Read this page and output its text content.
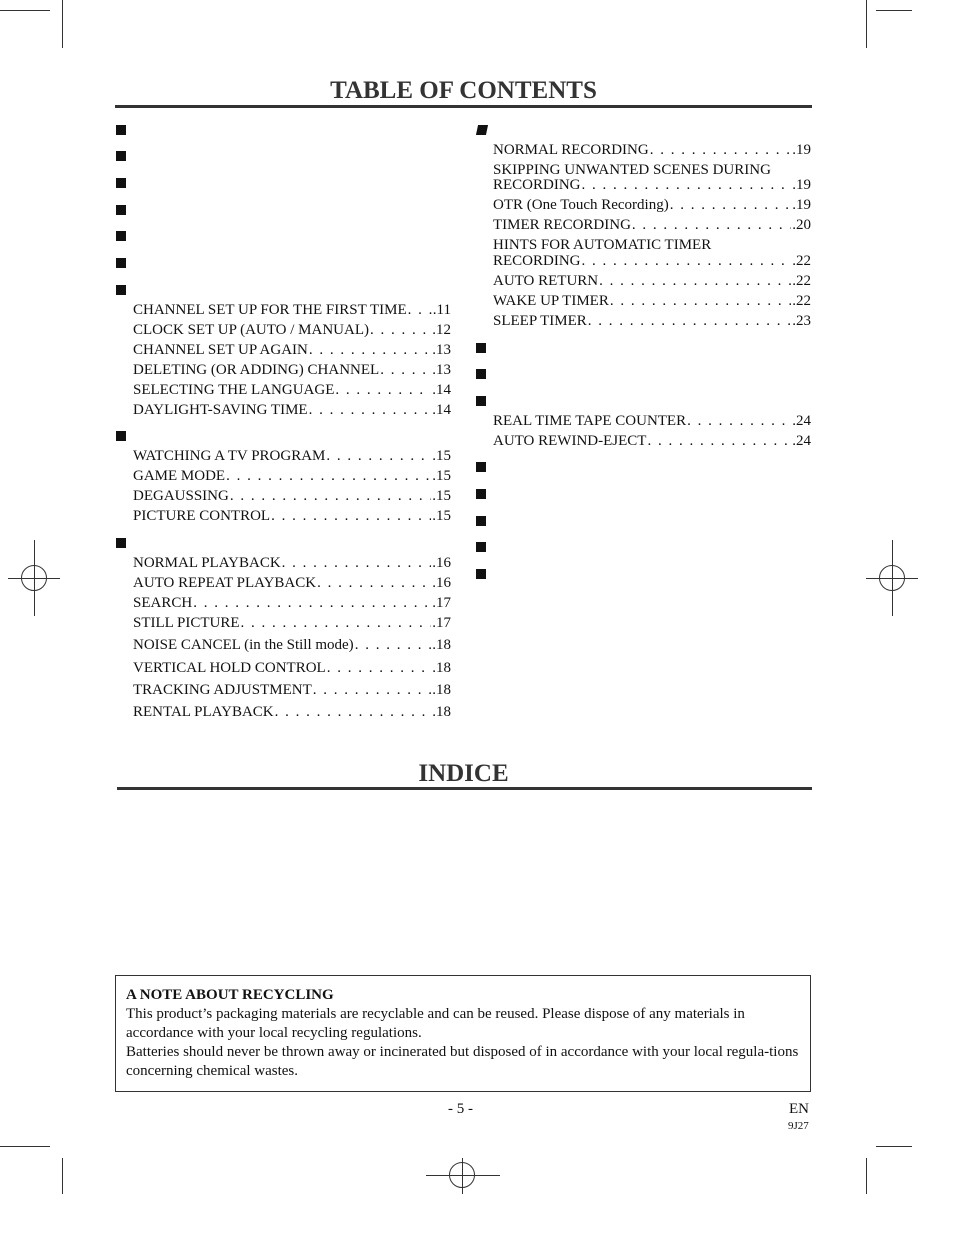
TABLE OF CONTENTS
CHANNEL SET UP FOR THE FIRST TIME . . . .11
CLOCK SET UP (AUTO / MANUAL) . . .	.12
CHANNEL SET UP AGAIN . . .	.13
DELETING (OR ADDING) CHANNEL . . .	.13
SELECTING THE LANGUAGE . . .	.14
DAYLIGHT-SAVING TIME . . .	.14
WATCHING A TV PROGRAM . . .	.15
GAME MODE . . .	.15
DEGAUSSING . . .	.15
PICTURE CONTROL . . .	.15
NORMAL PLAYBACK . . .	.16
AUTO REPEAT PLAYBACK . . .	.16
SEARCH . . .	.17
STILL PICTURE . . .	.17
NOISE CANCEL (in the Still mode) . . .	.18
VERTICAL HOLD CONTROL . . .	.18
TRACKING ADJUSTMENT . . .	.18
RENTAL PLAYBACK . . .	.18
NORMAL RECORDING . . .	.19
SKIPPING UNWANTED SCENES DURING
RECORDING . . .	.19
OTR (One Touch Recording) . . .	.19
TIMER RECORDING . . .	.20
HINTS FOR AUTOMATIC TIMER
RECORDING . . .	.22
AUTO RETURN . . .	.22
WAKE UP TIMER . . .	.22
SLEEP TIMER . . .	.23
REAL TIME TAPE COUNTER . . .	.24
AUTO REWIND-EJECT . . .	.24
INDICE

A NOTE ABOUT RECYCLING

This product’s packaging materials are recyclable and can be reused. Please dispose of any materials in accordance with your local recycling regulations.

Batteries should never be thrown away or incinerated but disposed of in accordance with your local regula-tions concerning chemical wastes.

- 5 -	EN
9J27
